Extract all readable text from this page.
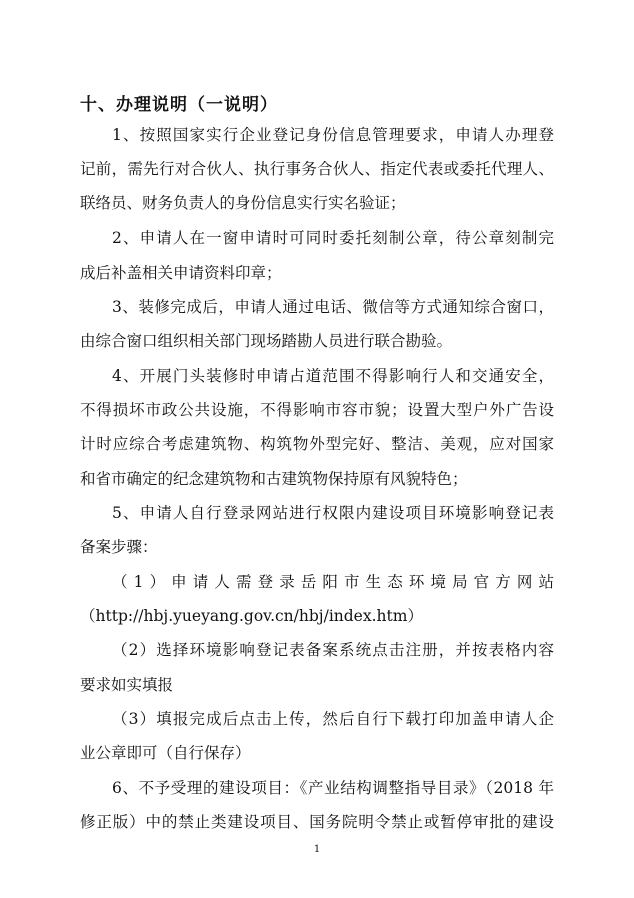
十、办理说明（一说明）
1、按照国家实行企业登记身份信息管理要求，申请人办理登
记前，需先行对合伙人、执行事务合伙人、指定代表或委托代理人、
联络员、财务负责人的身份信息实行实名验证；
2、申请人在一窗申请时可同时委托刻制公章，待公章刻制完
成后补盖相关申请资料印章；
3、装修完成后，申请人通过电话、微信等方式通知综合窗口，
由综合窗口组织相关部门现场踏勘人员进行联合勘验。
4、开展门头装修时申请占道范围不得影响行人和交通安全，
不得损坏市政公共设施，不得影响市容市貌；设置大型户外广告设
计时应综合考虑建筑物、构筑物外型完好、整洁、美观，应对国家
和省市确定的纪念建筑物和古建筑物保持原有风貌特色；
5、申请人自行登录网站进行权限内建设项目环境影响登记表
备案步骤：
（1）申请人需登录岳阳市生态环境局官方网站
（http://hbj.yueyang.gov.cn/hbj/index.htm）
（2）选择环境影响登记表备案系统点击注册，并按表格内容
要求如实填报
（3）填报完成后点击上传，然后自行下载打印加盖申请人企
业公章即可（自行保存）
6、不予受理的建设项目：《产业结构调整指导目录》（2018 年
修正版）中的禁止类建设项目、国务院明令禁止或暂停审批的建设
1
